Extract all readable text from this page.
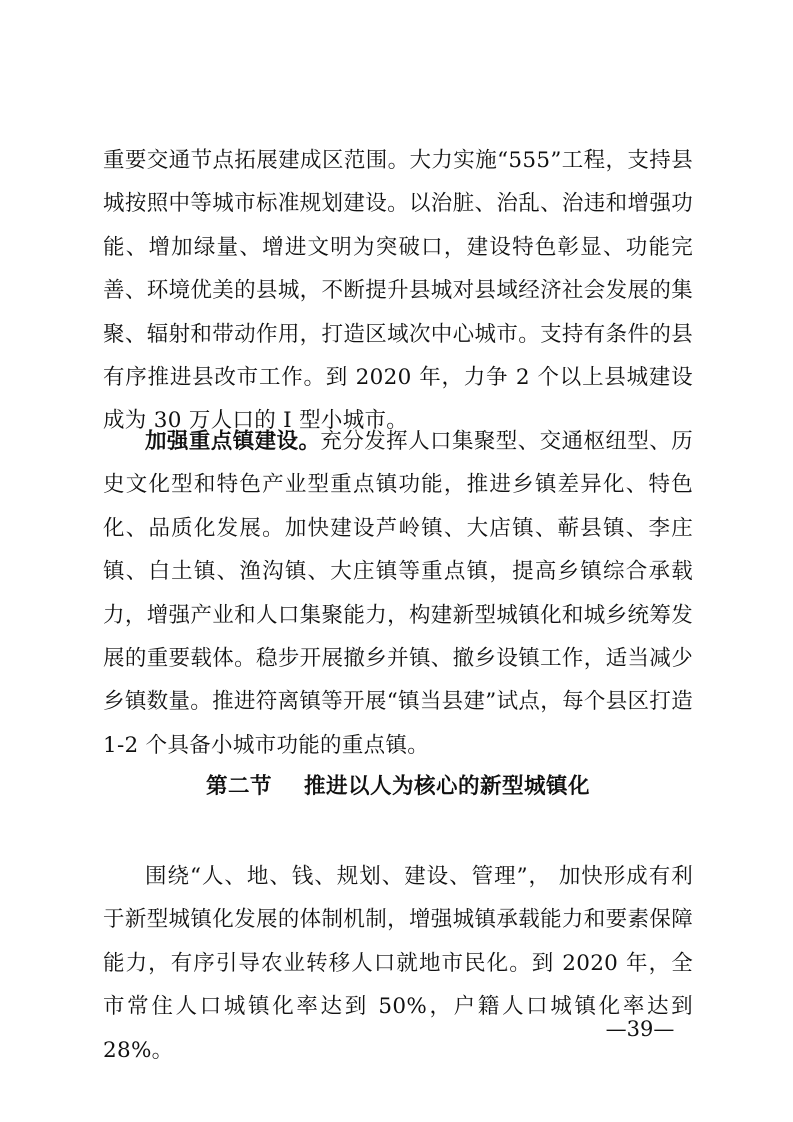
重要交通节点拓展建成区范围。大力实施“555”工程，支持县城按照中等城市标准规划建设。以治脏、治乱、治违和增强功能、增加绿量、增进文明为突破口，建设特色彰显、功能完善、环境优美的县城，不断提升县城对县域经济社会发展的集聚、辐射和带动作用，打造区域次中心城市。支持有条件的县有序推进县改市工作。到 2020 年，力争 2 个以上县城建设成为 30 万人口的 I 型小城市。

加强重点镇建设。充分发挥人口集聚型、交通枢纽型、历史文化型和特色产业型重点镇功能，推进乡镇差异化、特色化、品质化发展。加快建设芦岭镇、大店镇、蕲县镇、李庄镇、白土镇、渔沟镇、大庄镇等重点镇，提高乡镇综合承载力，增强产业和人口集聚能力，构建新型城镇化和城乡统筹发展的重要载体。稳步开展撤乡并镇、撤乡设镇工作，适当减少乡镇数量。推进符离镇等开展“镇当县建”试点，每个县区打造 1-2 个具备小城市功能的重点镇。

第二节    推进以人为核心的新型城镇化

围绕“人、地、钱、规划、建设、管理”， 加快形成有利于新型城镇化发展的体制机制，增强城镇承载能力和要素保障能力，有序引导农业转移人口就地市民化。到 2020 年，全市常住人口城镇化率达到 50%，户籍人口城镇化率达到 28%。

—39—
